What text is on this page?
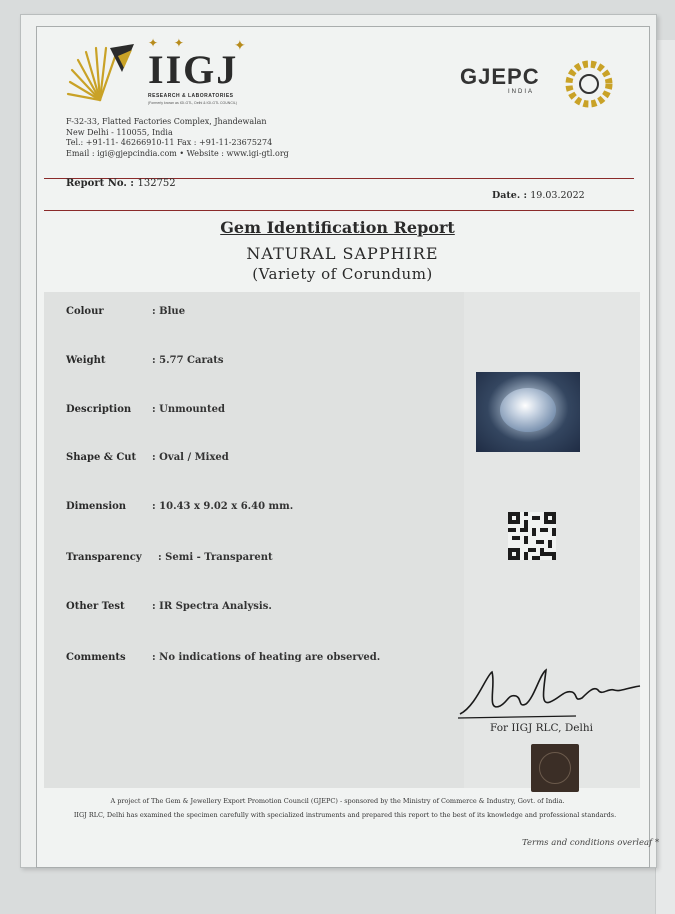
✦ ✦	✦
IIGJ
RESEARCH & LABORATORIES
(Formerly known as IGI-GTL, Delhi & IGI-GTL COUNCIL)
GJEPC
INDIA
F-32-33, Flatted Factories Complex, Jhandewalan
New Delhi - 110055, India
Tel.: +91-11- 46266910-11 Fax : +91-11-23675274
Email : igi@gjepcindia.com • Website : www.igi-gtl.org
Report No. : 132752
Date. : 19.03.2022
Gem Identification Report
NATURAL SAPPHIRE
(Variety of Corundum)
Colour	: Blue
Weight	: 5.77 Carats
Description	: Unmounted
Shape & Cut	: Oval / Mixed
Dimension	: 10.43 x 9.02 x 6.40 mm.
Transparency	: Semi - Transparent
Other Test	: IR Spectra Analysis.
Comments	: No indications of heating are observed.
For IIGJ RLC, Delhi
A project of The Gem & Jewellery Export Promotion Council (GJEPC) - sponsored by the Ministry of Commerce & Industry, Govt. of India.
IIGJ RLC, Delhi has examined the specimen carefully with specialized instruments and prepared this report to the best of its knowledge and professional standards.
Terms and conditions overleaf *
